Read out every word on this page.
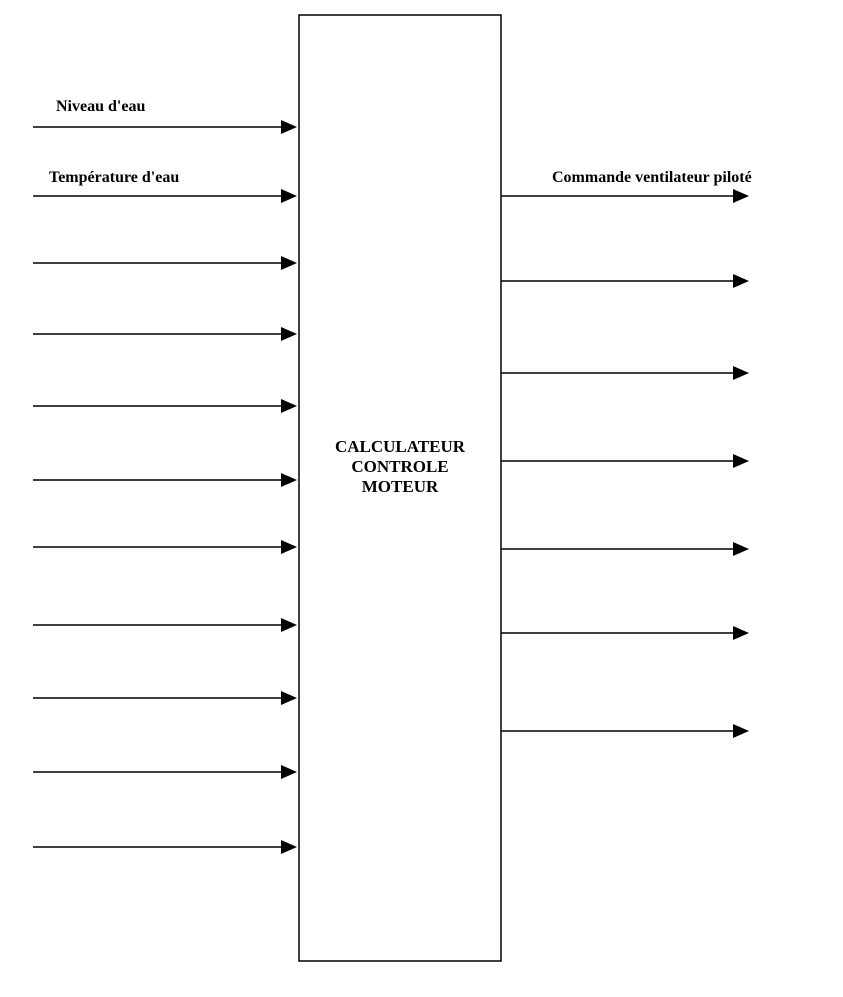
Niveau d'eau
Température d'eau	Commande ventilateur piloté
CALCULATEUR
CONTROLE
MOTEUR
